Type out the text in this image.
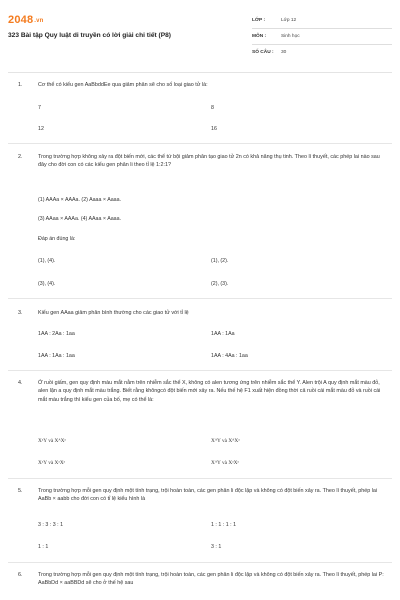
2048.vn
323 Bài tập Quy luật di truyền có lời giải chi tiết (P8)
LỚP :	Lớp 12
MÔN :	Sinh học
SỐ CÂU :	30
1.	Cơ thể có kiểu gen AaBbddEe qua giảm phân sẽ cho số loại giao tử là:
7	8
12	16
2.	Trong trường hợp không xảy ra đột biến mới, các thể tứ bội giảm phân tạo giao tử 2n có khả năng thụ tinh. Theo lí thuyết, các phép lai nào sau đây cho đời con có các kiểu gen phân li theo tỉ lệ 1:2:1?
(1) AAAa × AAAa. (2) Aaaa × Aaaa.
(3) AAaa × AAAa. (4) AAaa × Aaaa.
Đáp án đúng là:
(1), (4).	(1), (2).
(3), (4).	(2), (3).
3.	Kiểu gen AAaa giảm phân bình thường cho các giao tử với tỉ lệ
1AA : 2Aa : 1aa	1AA : 1Aa
1AA : 1Aa : 1aa	1AA : 4Aa : 1aa
4.	Ở ruồi giấm, gen quy định màu mắt nằm trên nhiễm sắc thể X, không có alen tương ứng trên nhiễm sắc thể Y. Alen trội A quy định mắt màu đỏ, alen lặn a quy định mắt màu trắng. Biết rằng khôngcó đột biến mới xảy ra. Nếu thế hệ F1 xuất hiện đồng thời cả ruồi cái mắt màu đỏ và ruồi cái mắt màu trắng thì kiểu gen của bố, mẹ có thể là:
XᵃY và XᴬXᵃ	XᴬY và XᴬXᵃ
XᵃY và XᵃXᵃ	XᴬY và XᵃXᵃ
5.	Trong trường hợp mỗi gen quy định một tính trạng, trội hoàn toàn, các gen phân li độc lập và không có đột biến xảy ra. Theo lí thuyết, phép lai AaBb × aabb cho đời con có tỉ lệ kiểu hình là
3 : 3 : 3 : 1	1 : 1 : 1 : 1
1 : 1	3 : 1
6.	Trong trường hợp mỗi gen quy định một tính trạng, trội hoàn toàn, các gen phân li độc lập và không có đột biến xảy ra. Theo lí thuyết, phép lai P: AaBbDd × aaBBDd sẽ cho ở thế hệ sau
